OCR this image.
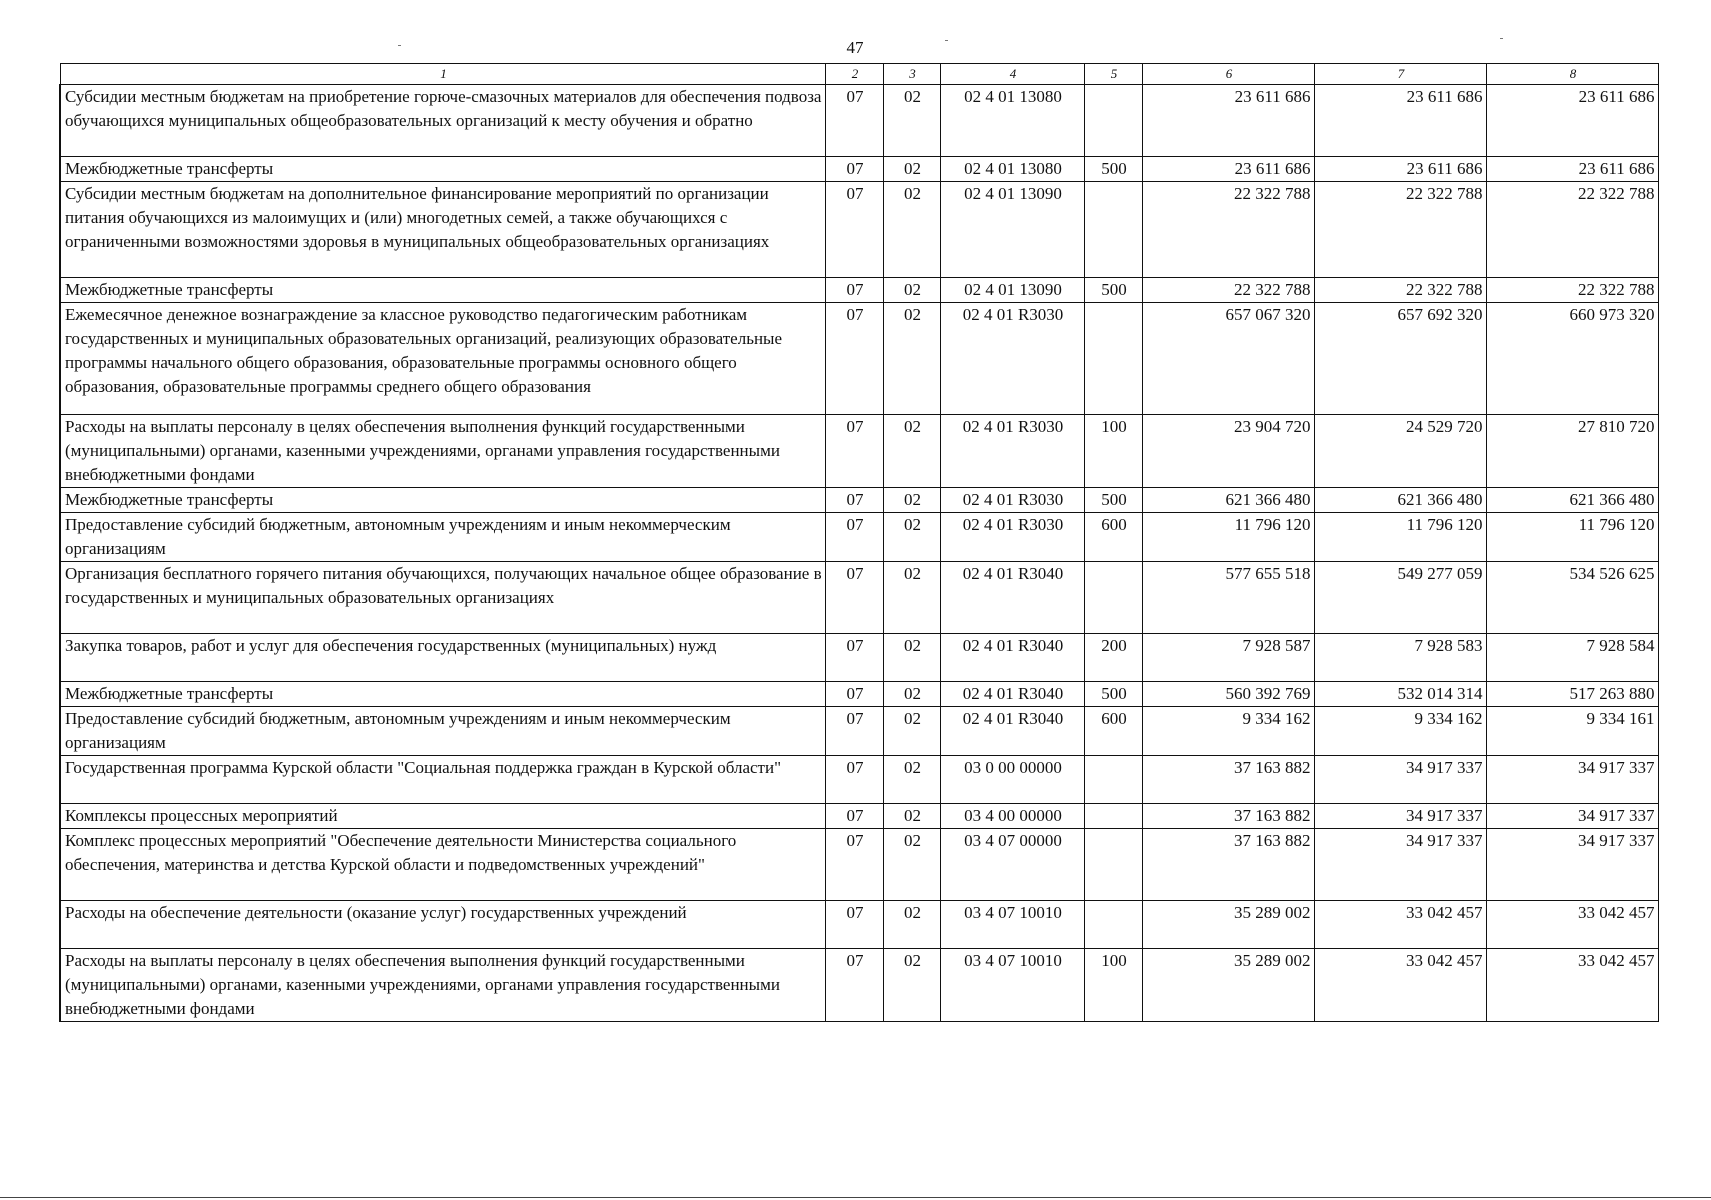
47
1	2	3	4	5	6	7	8
Субсидии местным бюджетам на приобретение горюче-смазочных материалов для обеспечения подвоза обучающихся муниципальных общеобразовательных организаций к месту обучения и обратно	07	02	02 4 01 13080		23 611 686	23 611 686	23 611 686
Межбюджетные трансферты	07	02	02 4 01 13080	500	23 611 686	23 611 686	23 611 686
Субсидии местным бюджетам на дополнительное финансирование мероприятий по организации питания обучающихся из малоимущих и (или) многодетных семей, а также обучающихся с ограниченными возможностями здоровья в муниципальных общеобразовательных организациях	07	02	02 4 01 13090		22 322 788	22 322 788	22 322 788
Межбюджетные трансферты	07	02	02 4 01 13090	500	22 322 788	22 322 788	22 322 788
Ежемесячное денежное вознаграждение за классное руководство педагогическим работникам государственных и муниципальных образовательных организаций, реализующих образовательные программы начального общего образования, образовательные программы основного общего образования, образовательные программы среднего общего образования	07	02	02 4 01 R3030		657 067 320	657 692 320	660 973 320
Расходы на выплаты персоналу в целях обеспечения выполнения функций государственными (муниципальными) органами, казенными учреждениями, органами управления государственными внебюджетными фондами	07	02	02 4 01 R3030	100	23 904 720	24 529 720	27 810 720
Межбюджетные трансферты	07	02	02 4 01 R3030	500	621 366 480	621 366 480	621 366 480
Предоставление субсидий бюджетным, автономным учреждениям и иным некоммерческим организациям	07	02	02 4 01 R3030	600	11 796 120	11 796 120	11 796 120
Организация бесплатного горячего питания обучающихся, получающих начальное общее образование в государственных и муниципальных образовательных организациях	07	02	02 4 01 R3040		577 655 518	549 277 059	534 526 625
Закупка товаров, работ и услуг для обеспечения государственных (муниципальных) нужд	07	02	02 4 01 R3040	200	7 928 587	7 928 583	7 928 584
Межбюджетные трансферты	07	02	02 4 01 R3040	500	560 392 769	532 014 314	517 263 880
Предоставление субсидий бюджетным, автономным учреждениям и иным некоммерческим организациям	07	02	02 4 01 R3040	600	9 334 162	9 334 162	9 334 161
Государственная программа Курской области "Социальная поддержка граждан в Курской области"	07	02	03 0 00 00000		37 163 882	34 917 337	34 917 337
Комплексы процессных мероприятий	07	02	03 4 00 00000		37 163 882	34 917 337	34 917 337
Комплекс процессных мероприятий "Обеспечение деятельности Министерства социального обеспечения, материнства и детства Курской области и подведомственных учреждений"	07	02	03 4 07 00000		37 163 882	34 917 337	34 917 337
Расходы на обеспечение деятельности (оказание услуг) государственных учреждений	07	02	03 4 07 10010		35 289 002	33 042 457	33 042 457
Расходы на выплаты персоналу в целях обеспечения выполнения функций государственными (муниципальными) органами, казенными учреждениями, органами управления государственными внебюджетными фондами	07	02	03 4 07 10010	100	35 289 002	33 042 457	33 042 457
